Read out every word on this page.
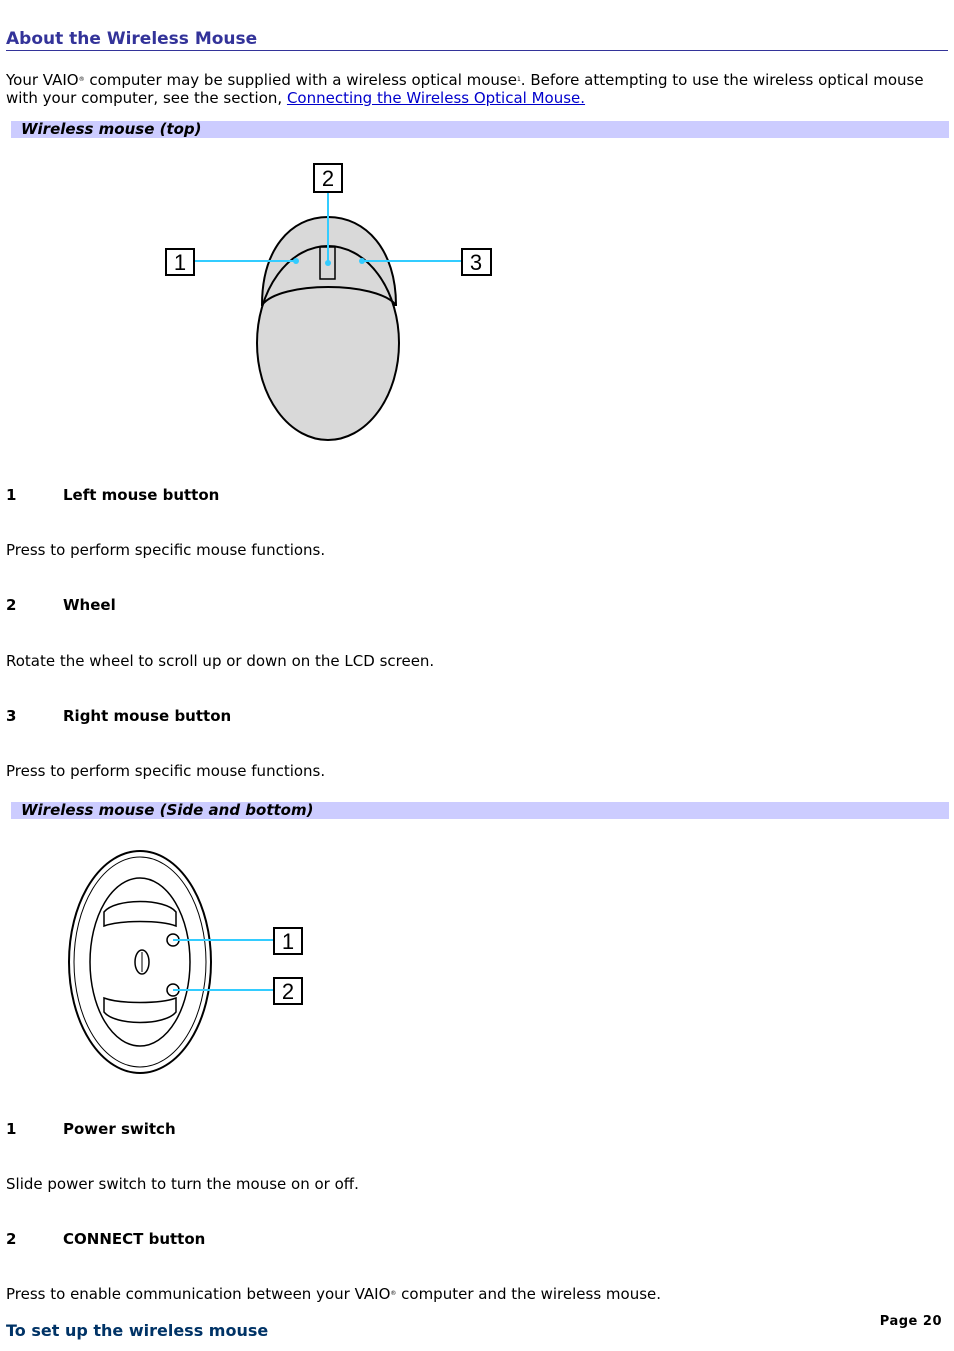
About the Wireless Mouse
Your VAIO® computer may be supplied with a wireless optical mouse$^1$. Before attempting to use the wireless optical mouse with your computer, see the section, Connecting the Wireless Optical Mouse.
Wireless mouse (top)
1
2
3
1	Left mouse button
Press to perform specific mouse functions.
2	Wheel
Rotate the wheel to scroll up or down on the LCD screen.
3	Right mouse button
Press to perform specific mouse functions.
Wireless mouse (Side and bottom)
1
2
1	Power switch
Slide power switch to turn the mouse on or off.
2	CONNECT button
Press to enable communication between your VAIO® computer and the wireless mouse.
Page 20
To set up the wireless mouse
